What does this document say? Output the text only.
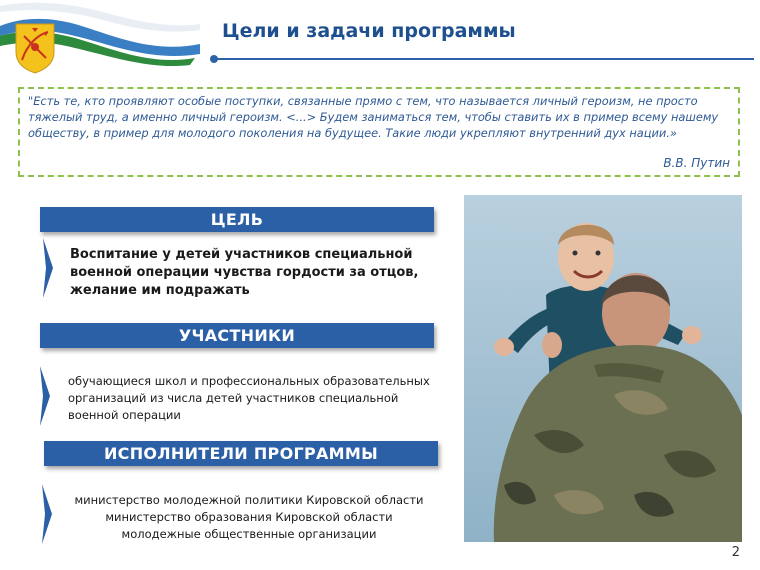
Цели и задачи программы
"Есть те, кто проявляют особые поступки, связанные прямо с тем, что называется личный героизм, не просто тяжелый труд, а именно личный героизм. <...> Будем заниматься тем, чтобы ставить их в пример всему нашему обществу, в пример для молодого поколения на будущее. Такие люди укрепляют внутренний дух нации.»
В.В. Путин
ЦЕЛЬ
Воспитание у детей участников специальной военной операции чувства гордости за отцов, желание им подражать
УЧАСТНИКИ
обучающиеся школ и профессиональных образовательных организаций из числа детей участников специальной военной операции
ИСПОЛНИТЕЛИ ПРОГРАММЫ
министерство молодежной политики Кировской области
министерство образования Кировской области
молодежные общественные организации
2
